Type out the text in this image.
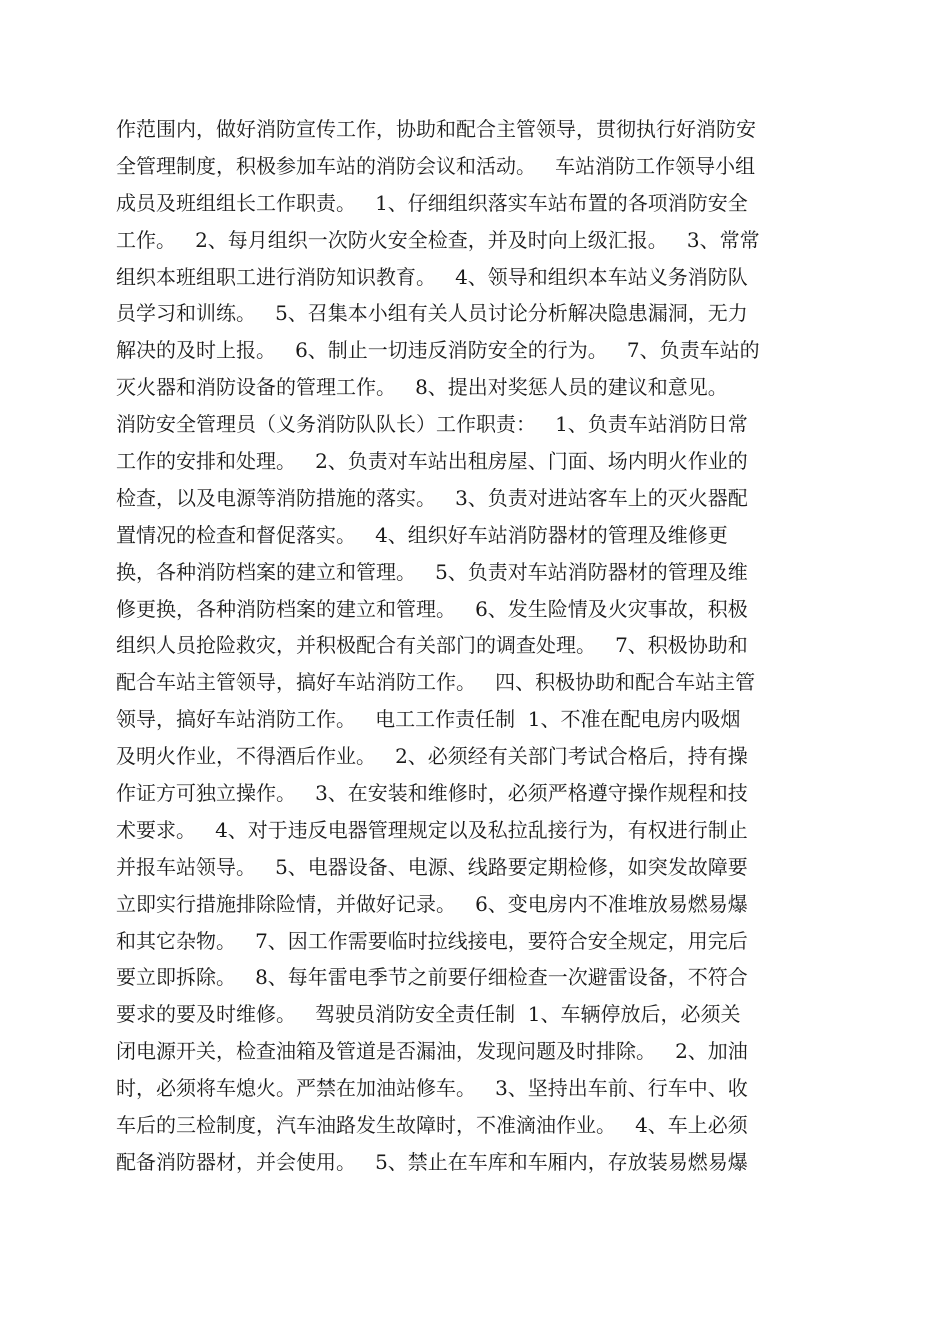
作范围内，做好消防宣传工作，协助和配合主管领导，贯彻执行好消防安
全管理制度，积极参加车站的消防会议和活动。   车站消防工作领导小组
成员及班组组长工作职责。   1、仔细组织落实车站布置的各项消防安全
工作。   2、每月组织一次防火安全检查，并及时向上级汇报。   3、常常
组织本班组职工进行消防知识教育。   4、领导和组织本车站义务消防队
员学习和训练。   5、召集本小组有关人员讨论分析解决隐患漏洞，无力
解决的及时上报。   6、制止一切违反消防安全的行为。   7、负责车站的
灭火器和消防设备的管理工作。   8、提出对奖惩人员的建议和意见。
消防安全管理员（义务消防队队长）工作职责：   1、负责车站消防日常
工作的安排和处理。   2、负责对车站出租房屋、门面、场内明火作业的
检查，以及电源等消防措施的落实。   3、负责对进站客车上的灭火器配
置情况的检查和督促落实。   4、组织好车站消防器材的管理及维修更
换，各种消防档案的建立和管理。   5、负责对车站消防器材的管理及维
修更换，各种消防档案的建立和管理。   6、发生险情及火灾事故，积极
组织人员抢险救灾，并积极配合有关部门的调查处理。   7、积极协助和
配合车站主管领导，搞好车站消防工作。   四、积极协助和配合车站主管
领导，搞好车站消防工作。   电工工作责任制  1、不准在配电房内吸烟
及明火作业，不得酒后作业。   2、必须经有关部门考试合格后，持有操
作证方可独立操作。   3、在安装和维修时，必须严格遵守操作规程和技
术要求。   4、对于违反电器管理规定以及私拉乱接行为，有权进行制止
并报车站领导。   5、电器设备、电源、线路要定期检修，如突发故障要
立即实行措施排除险情，并做好记录。   6、变电房内不准堆放易燃易爆
和其它杂物。   7、因工作需要临时拉线接电，要符合安全规定，用完后
要立即拆除。   8、每年雷电季节之前要仔细检查一次避雷设备，不符合
要求的要及时维修。   驾驶员消防安全责任制  1、车辆停放后，必须关
闭电源开关，检查油箱及管道是否漏油，发现问题及时排除。   2、加油
时，必须将车熄火。严禁在加油站修车。   3、坚持出车前、行车中、收
车后的三检制度，汽车油路发生故障时，不准滴油作业。   4、车上必须
配备消防器材，并会使用。   5、禁止在车库和车厢内，存放装易燃易爆
